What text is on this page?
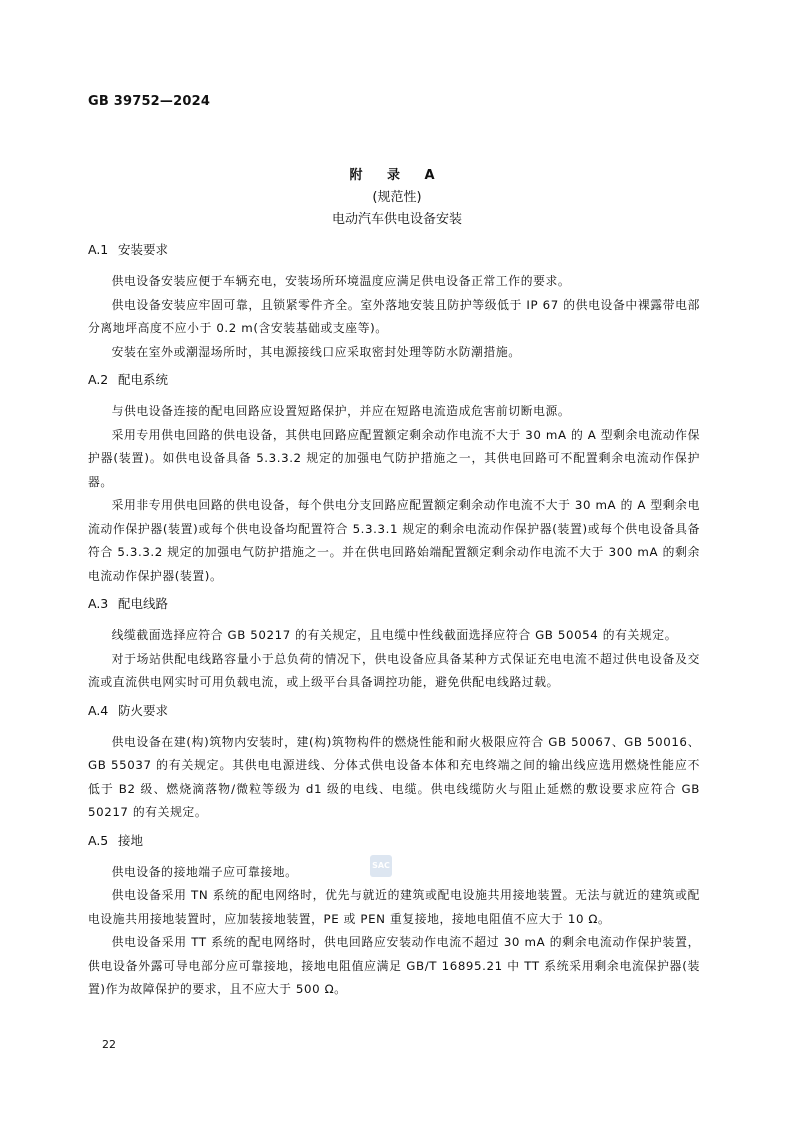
GB 39752—2024
附 录 A
(规范性)
电动汽车供电设备安装
A.1 安装要求

供电设备安装应便于车辆充电，安装场所环境温度应满足供电设备正常工作的要求。

供电设备安装应牢固可靠，且锁紧零件齐全。室外落地安装且防护等级低于 IP 67 的供电设备中裸露带电部分离地坪高度不应小于 0.2 m(含安装基础或支座等)。

安装在室外或潮湿场所时，其电源接线口应采取密封处理等防水防潮措施。

A.2 配电系统

与供电设备连接的配电回路应设置短路保护，并应在短路电流造成危害前切断电源。

采用专用供电回路的供电设备，其供电回路应配置额定剩余动作电流不大于 30 mA 的 A 型剩余电流动作保护器(装置)。如供电设备具备 5.3.3.2 规定的加强电气防护措施之一，其供电回路可不配置剩余电流动作保护器。

采用非专用供电回路的供电设备，每个供电分支回路应配置额定剩余动作电流不大于 30 mA 的 A 型剩余电流动作保护器(装置)或每个供电设备均配置符合 5.3.3.1 规定的剩余电流动作保护器(装置)或每个供电设备具备符合 5.3.3.2 规定的加强电气防护措施之一。并在供电回路始端配置额定剩余动作电流不大于 300 mA 的剩余电流动作保护器(装置)。

A.3 配电线路

线缆截面选择应符合 GB 50217 的有关规定，且电缆中性线截面选择应符合 GB 50054 的有关规定。

对于场站供配电线路容量小于总负荷的情况下，供电设备应具备某种方式保证充电电流不超过供电设备及交流或直流供电网实时可用负载电流，或上级平台具备调控功能，避免供配电线路过载。

A.4 防火要求

供电设备在建(构)筑物内安装时，建(构)筑物构件的燃烧性能和耐火极限应符合 GB 50067、GB 50016、GB 55037 的有关规定。其供电电源进线、分体式供电设备本体和充电终端之间的输出线应选用燃烧性能应不低于 B2 级、燃烧滴落物/微粒等级为 d1 级的电线、电缆。供电线缆防火与阻止延燃的敷设要求应符合 GB 50217 的有关规定。

A.5 接地

供电设备的接地端子应可靠接地。

供电设备采用 TN 系统的配电网络时，优先与就近的建筑或配电设施共用接地装置。无法与就近的建筑或配电设施共用接地装置时，应加装接地装置，PE 或 PEN 重复接地，接地电阻值不应大于 10 Ω。

供电设备采用 TT 系统的配电网络时，供电回路应安装动作电流不超过 30 mA 的剩余电流动作保护装置，供电设备外露可导电部分应可靠接地，接地电阻值应满足 GB/T 16895.21 中 TT 系统采用剩余电流保护器(装置)作为故障保护的要求，且不应大于 500 Ω。

SAC
22
